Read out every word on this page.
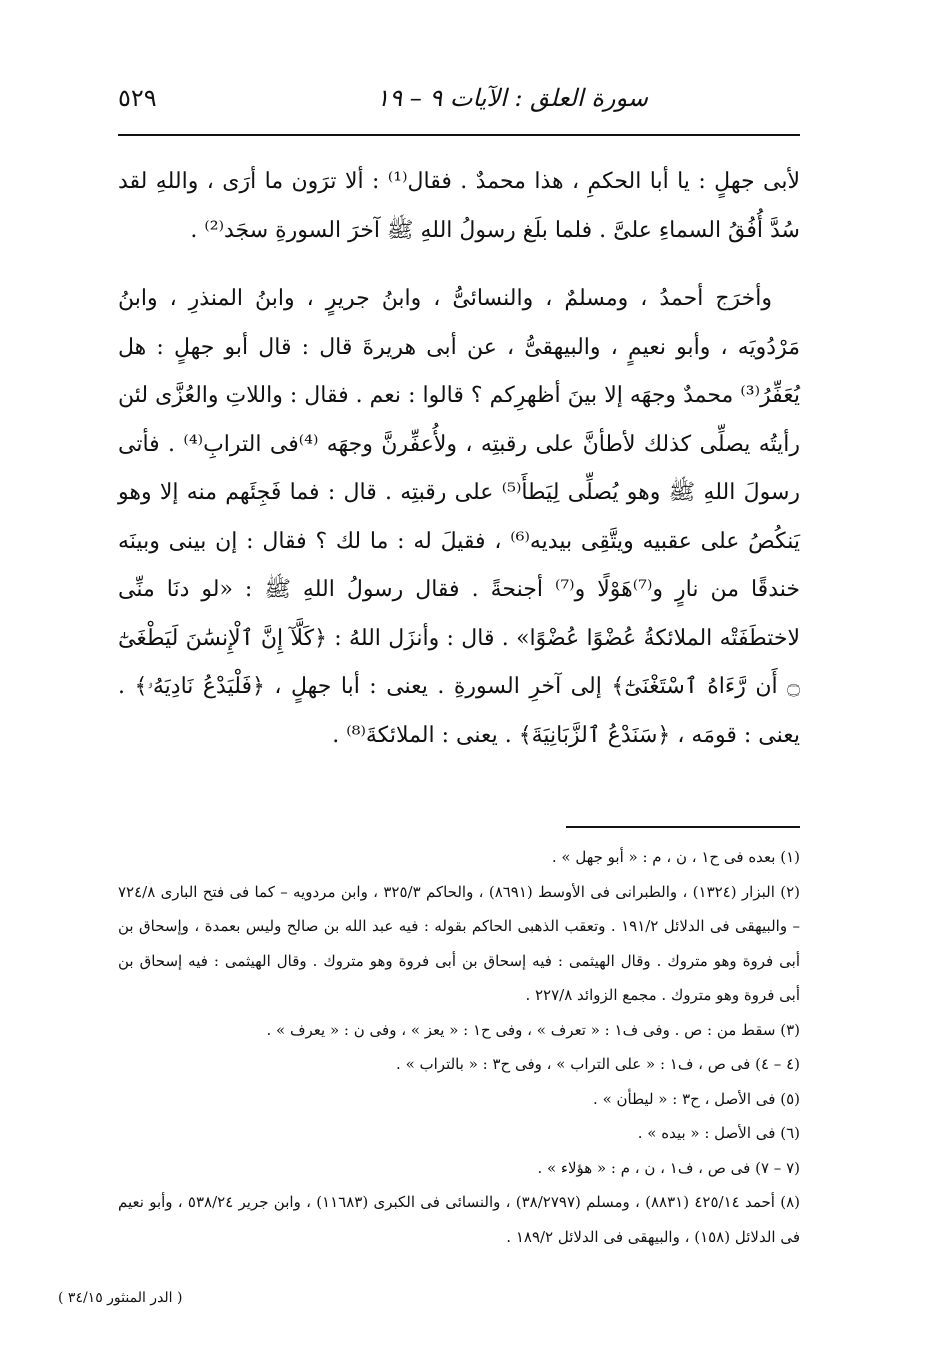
سورة العلق : الآيات ٩ – ١٩
٥٢٩

لأبى جهلٍ : يا أبا الحكمِ ، هذا محمدٌ . فقال⁽¹⁾ : ألا ترَون ما أرَى ، واللهِ لقد سُدَّ أُفُقُ السماءِ علىَّ . فلما بلَغ رسولُ اللهِ ﷺ آخرَ السورةِ سجَد⁽²⁾ .

وأخرَج أحمدُ ، ومسلمٌ ، والنسائىُّ ، وابنُ جريرٍ ، وابنُ المنذرِ ، وابنُ مَرْدُويَه ، وأبو نعيمٍ ، والبيهقىُّ ، عن أبى هريرةَ قال : قال أبو جهلٍ : هل يُعَفِّرُ⁽³⁾ محمدٌ وجهَه إلا بينَ أظهرِكم ؟ قالوا : نعم . فقال : واللاتِ والعُزَّى لئن رأيتُه يصلِّى كذلك لأطأنَّ على رقبتِه ، ولأُعفِّرنَّ وجهَه ⁽⁴⁾فى الترابِ⁽⁴⁾ . فأتى رسولَ اللهِ ﷺ وهو يُصلِّى لِيَطأَ⁽⁵⁾ على رقبتِه . قال : فما فَجِئَهم منه إلا وهو يَنكُصُ على عقبيه ويتَّقِى بيديه⁽⁶⁾ ، فقيلَ له : ما لك ؟ فقال : إن بينى وبينَه خندقًا من نارٍ و⁽⁷⁾هَوْلًا و⁽⁷⁾ أجنحةً . فقال رسولُ اللهِ ﷺ : «لو دنَا منِّى لاختطَفَتْه الملائكةُ عُضْوًا عُضْوًا» . قال : وأنزَل اللهُ : ﴿كَلَّآ إِنَّ ٱلْإِنسَٰنَ لَيَطْغَىٰٓ ۝ أَن رَّءَاهُ ٱسْتَغْنَىٰٓ﴾ إلى آخرِ السورةِ . يعنى : أبا جهلٍ ، ﴿فَلْيَدْعُ نَادِيَهُۥ﴾ . يعنى : قومَه ، ﴿سَنَدْعُ ٱلزَّبَانِيَةَ﴾ . يعنى : الملائكةَ⁽⁸⁾ .

(١) بعده فى ح١ ، ن ، م : « أبو جهل » .

(٢) البزار (١٣٢٤) ، والطبرانى فى الأوسط (٨٦٩١) ، والحاكم ٣٢٥/٣ ، وابن مردويه – كما فى فتح البارى ٧٢٤/٨ – والبيهقى فى الدلائل ١٩١/٢ . وتعقب الذهبى الحاكم بقوله : فيه عبد الله بن صالح وليس بعمدة ، وإسحاق بن أبى فروة وهو متروك . وقال الهيثمى : فيه إسحاق بن أبى فروة وهو متروك . وقال الهيثمى : فيه إسحاق بن أبى فروة وهو متروك . مجمع الزوائد ٢٢٧/٨ .

(٣) سقط من : ص . وفى ف١ : « تعرف » ، وفى ح١ : « يعز » ، وفى ن : « يعرف » .

(٤ – ٤) فى ص ، ف١ : « على التراب » ، وفى ح٣ : « بالتراب » .

(٥) فى الأصل ، ح٣ : « ليطأن » .

(٦) فى الأصل : « بيده » .

(٧ – ٧) فى ص ، ف١ ، ن ، م : « هؤلاء » .

(٨) أحمد ٤٢٥/١٤ (٨٨٣١) ، ومسلم (٣٨/٢٧٩٧) ، والنسائى فى الكبرى (١١٦٨٣) ، وابن جرير ٥٣٨/٢٤ ، وأبو نعيم فى الدلائل (١٥٨) ، والبيهقى فى الدلائل ١٨٩/٢ .

( الدر المنثور ٣٤/١٥ )
